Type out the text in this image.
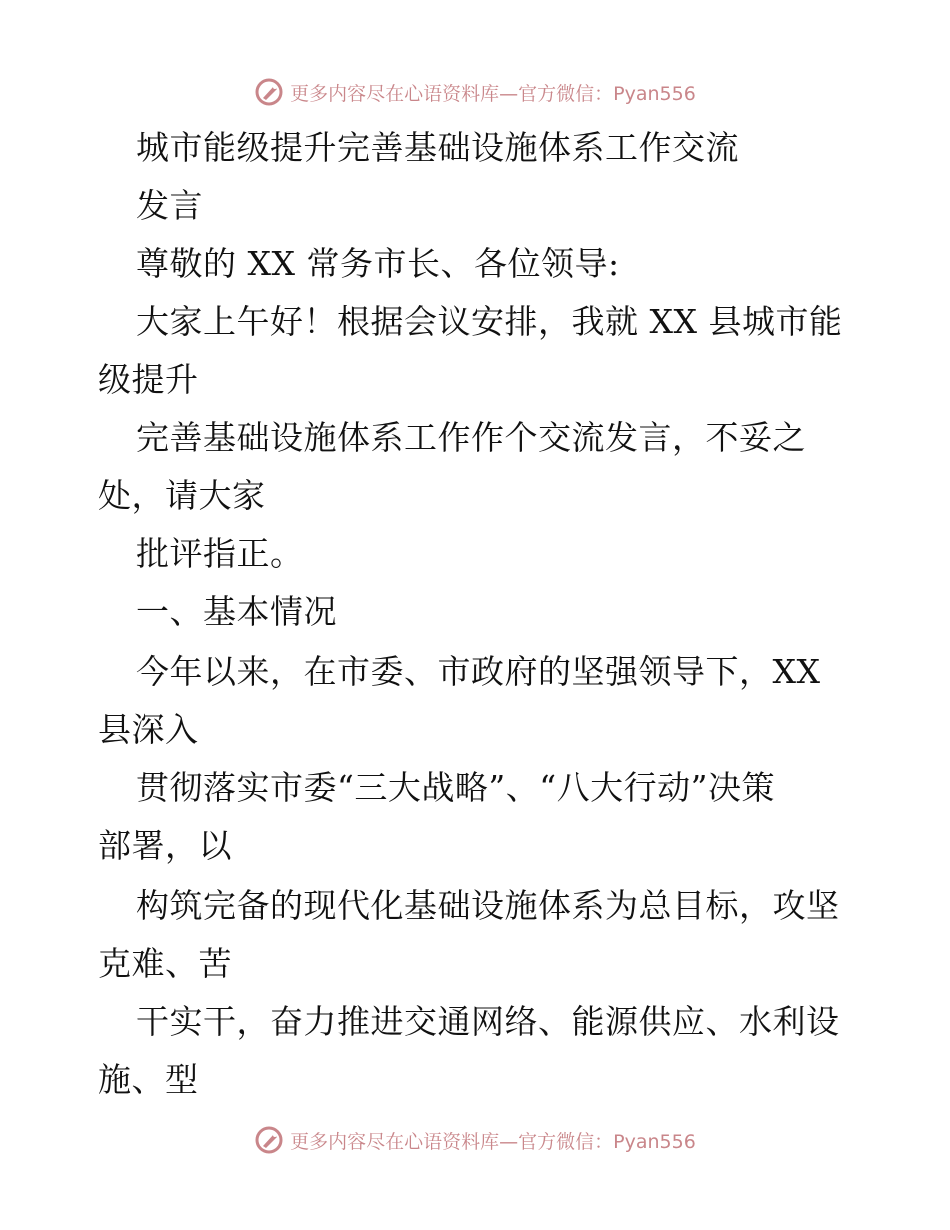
更多内容尽在心语资料库—官方微信：Pyan556
城市能级提升完善基础设施体系工作交流
发言
尊敬的 XX 常务市长、各位领导:
大家上午好！根据会议安排，我就 XX 县城市能
级提升
完善基础设施体系工作作个交流发言，不妥之
处，请大家
批评指正。
一、基本情况
今年以来，在市委、市政府的坚强领导下，XX
县深入
贯彻落实市委“三大战略”、“八大行动”决策
部署，以
构筑完备的现代化基础设施体系为总目标，攻坚
克难、苦
干实干，奋力推进交通网络、能源供应、水利设
施、型
更多内容尽在心语资料库—官方微信：Pyan556
